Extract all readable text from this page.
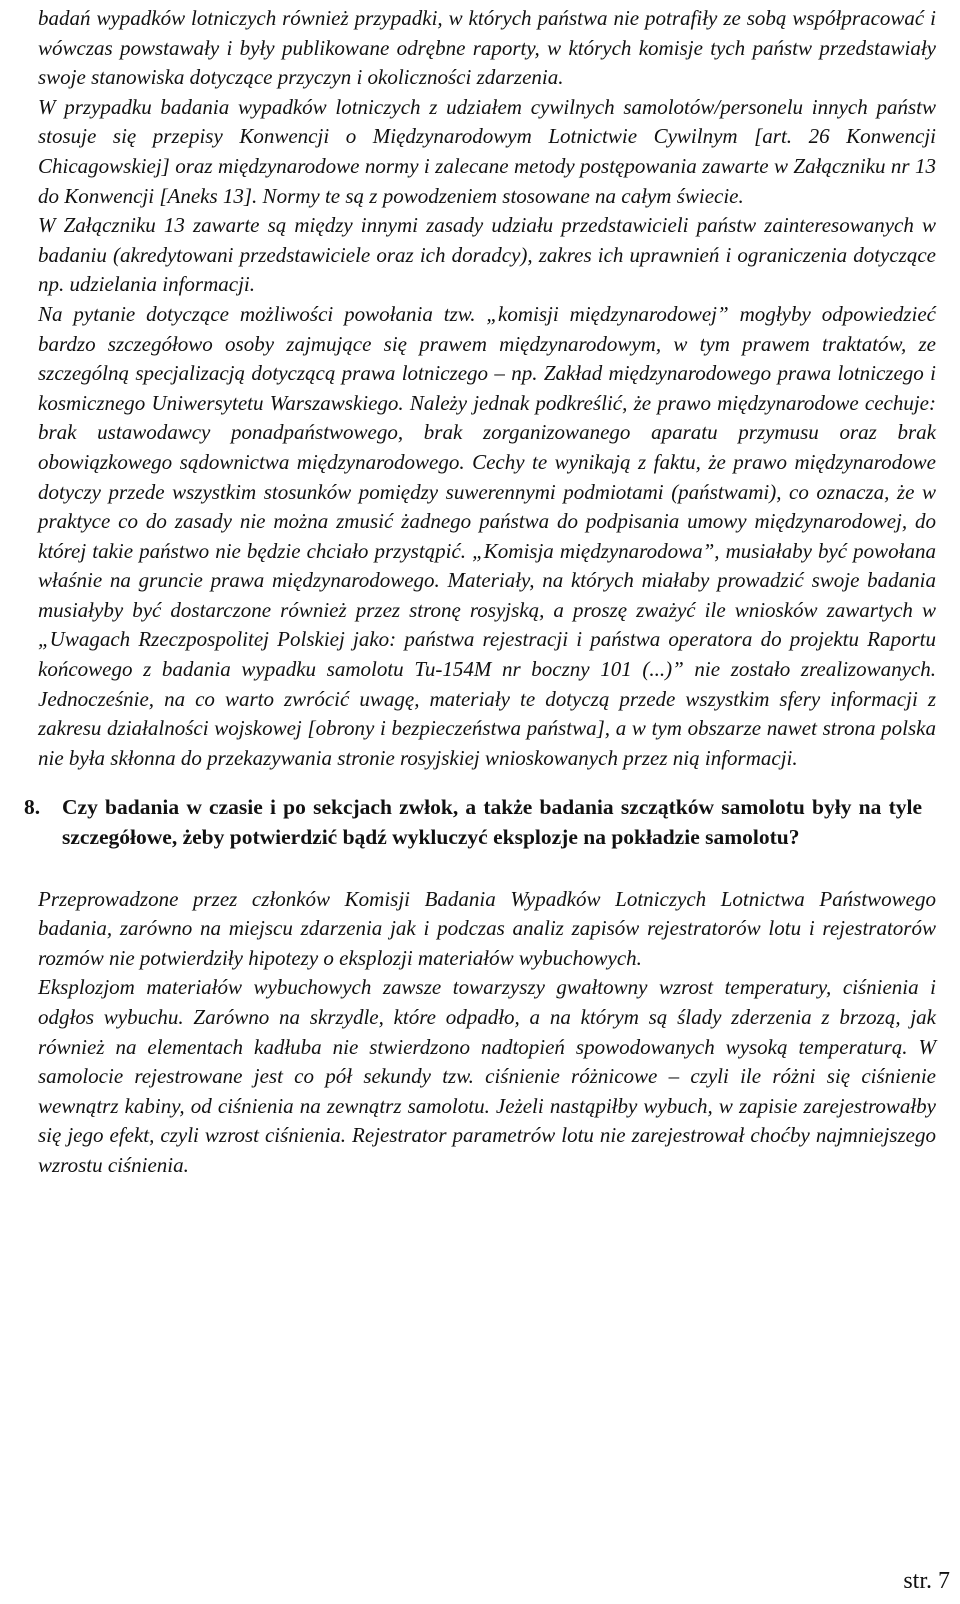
badań wypadków lotniczych również przypadki, w których państwa nie potrafiły ze sobą współpracować i wówczas powstawały i były publikowane odrębne raporty, w których komisje tych państw przedstawiały swoje stanowiska dotyczące przyczyn i okoliczności zdarzenia.

W przypadku badania wypadków lotniczych z udziałem cywilnych samolotów/personelu innych państw stosuje się przepisy Konwencji o Międzynarodowym Lotnictwie Cywilnym [art. 26 Konwencji Chicagowskiej] oraz międzynarodowe normy i zalecane metody postępowania zawarte w Załączniku nr 13 do Konwencji [Aneks 13]. Normy te są z powodzeniem stosowane na całym świecie.

W Załączniku 13 zawarte są między innymi zasady udziału przedstawicieli państw zainteresowanych w badaniu (akredytowani przedstawiciele oraz ich doradcy), zakres ich uprawnień i ograniczenia dotyczące np. udzielania informacji.

Na pytanie dotyczące możliwości powołania tzw. „komisji międzynarodowej” mogłyby odpowiedzieć bardzo szczegółowo osoby zajmujące się prawem międzynarodowym, w tym prawem traktatów, ze szczególną specjalizacją dotyczącą prawa lotniczego – np. Zakład międzynarodowego prawa lotniczego i kosmicznego Uniwersytetu Warszawskiego. Należy jednak podkreślić, że prawo międzynarodowe cechuje: brak ustawodawcy ponadpaństwowego, brak zorganizowanego aparatu przymusu oraz brak obowiązkowego sądownictwa międzynarodowego. Cechy te wynikają z faktu, że prawo międzynarodowe dotyczy przede wszystkim stosunków pomiędzy suwerennymi podmiotami (państwami), co oznacza, że w praktyce co do zasady nie można zmusić żadnego państwa do podpisania umowy międzynarodowej, do której takie państwo nie będzie chciało przystąpić. „Komisja międzynarodowa”, musiałaby być powołana właśnie na gruncie prawa międzynarodowego. Materiały, na których miałaby prowadzić swoje badania musiałyby być dostarczone również przez stronę rosyjską, a proszę zważyć ile wniosków zawartych w „Uwagach Rzeczpospolitej Polskiej jako: państwa rejestracji i państwa operatora do projektu Raportu końcowego z badania wypadku samolotu Tu-154M nr boczny 101 (...)” nie zostało zrealizowanych. Jednocześnie, na co warto zwrócić uwagę, materiały te dotyczą przede wszystkim sfery informacji z zakresu działalności wojskowej [obrony i bezpieczeństwa państwa], a w tym obszarze nawet strona polska nie była skłonna do przekazywania stronie rosyjskiej wnioskowanych przez nią informacji.

8.	Czy badania w czasie i po sekcjach zwłok, a także badania szczątków samolotu były na tyle szczegółowe, żeby potwierdzić bądź wykluczyć eksplozje na pokładzie samolotu?

Przeprowadzone przez członków Komisji Badania Wypadków Lotniczych Lotnictwa Państwowego badania, zarówno na miejscu zdarzenia jak i podczas analiz zapisów rejestratorów lotu i rejestratorów rozmów nie potwierdziły hipotezy o eksplozji materiałów wybuchowych.

Eksplozjom materiałów wybuchowych zawsze towarzyszy gwałtowny wzrost temperatury, ciśnienia i odgłos wybuchu. Zarówno na skrzydle, które odpadło, a na którym są ślady zderzenia z brzozą, jak również na elementach kadłuba nie stwierdzono nadtopień spowodowanych wysoką temperaturą. W samolocie rejestrowane jest co pół sekundy tzw. ciśnienie różnicowe – czyli ile różni się ciśnienie wewnątrz kabiny, od ciśnienia na zewnątrz samolotu. Jeżeli nastąpiłby wybuch, w zapisie zarejestrowałby się jego efekt, czyli wzrost ciśnienia. Rejestrator parametrów lotu nie zarejestrował choćby najmniejszego wzrostu ciśnienia.

str. 7
